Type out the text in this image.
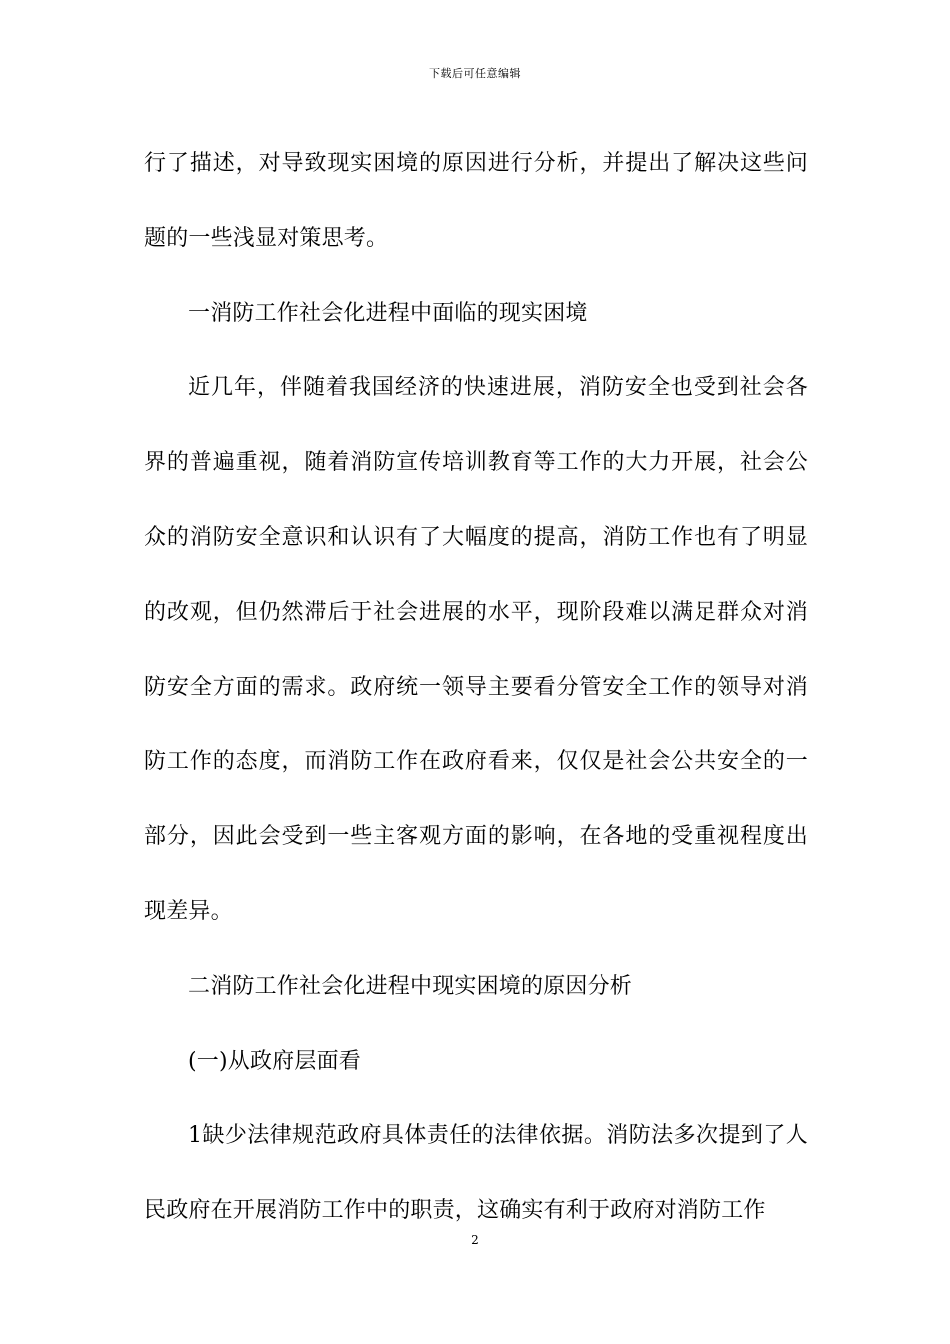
下载后可任意编辑

行了描述，对导致现实困境的原因进行分析，并提出了解决这些问题的一些浅显对策思考。

一消防工作社会化进程中面临的现实困境

近几年，伴随着我国经济的快速进展，消防安全也受到社会各界的普遍重视，随着消防宣传培训教育等工作的大力开展，社会公众的消防安全意识和认识有了大幅度的提高，消防工作也有了明显的改观，但仍然滞后于社会进展的水平，现阶段难以满足群众对消防安全方面的需求。政府统一领导主要看分管安全工作的领导对消防工作的态度，而消防工作在政府看来，仅仅是社会公共安全的一部分，因此会受到一些主客观方面的影响，在各地的受重视程度出现差异。

二消防工作社会化进程中现实困境的原因分析

(一)从政府层面看

1缺少法律规范政府具体责任的法律依据。消防法多次提到了人民政府在开展消防工作中的职责，这确实有利于政府对消防工作

2
